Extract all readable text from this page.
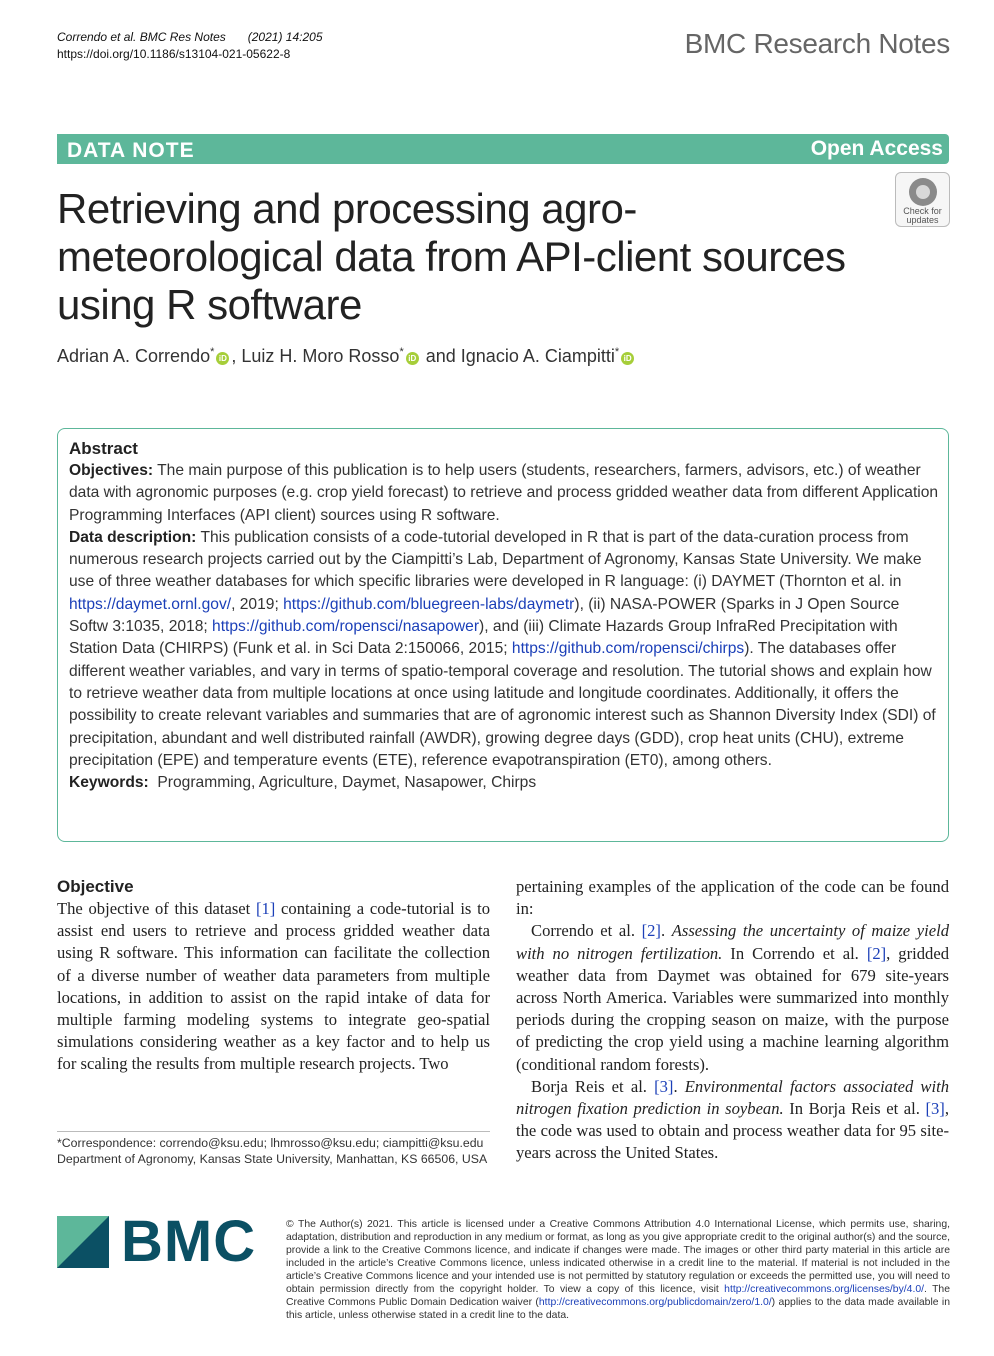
Correndo et al. BMC Res Notes (2021) 14:205
https://doi.org/10.1186/s13104-021-05622-8	BMC Research Notes
DATA NOTE	Open Access
Check for
updates
Retrieving and processing agro-meteorological data from API-client sources using R software
Adrian A. Correndo*iD , Luiz H. Moro Rosso*iD and Ignacio A. Ciampitti*iD
Abstract

Objectives: The main purpose of this publication is to help users (students, researchers, farmers, advisors, etc.) of weather data with agronomic purposes (e.g. crop yield forecast) to retrieve and process gridded weather data from different Application Programming Interfaces (API client) sources using R software.

Data description: This publication consists of a code-tutorial developed in R that is part of the data-curation process from numerous research projects carried out by the Ciampitti’s Lab, Department of Agronomy, Kansas State University. We make use of three weather databases for which specific libraries were developed in R language: (i) DAYMET (Thornton et al. in https://daymet.ornl.gov/, 2019; https://github.com/bluegreen-labs/daymetr), (ii) NASA-POWER (Sparks in J Open Source Softw 3:1035, 2018; https://github.com/ropensci/nasapower), and (iii) Climate Hazards Group InfraRed Precipitation with Station Data (CHIRPS) (Funk et al. in Sci Data 2:150066, 2015; https://github.com/ropensci/chirps). The databases offer different weather variables, and vary in terms of spatio-temporal coverage and resolution. The tutorial shows and explain how to retrieve weather data from multiple locations at once using latitude and longitude coordinates. Additionally, it offers the possibility to create relevant variables and summaries that are of agronomic interest such as Shannon Diversity Index (SDI) of precipitation, abundant and well distributed rainfall (AWDR), growing degree days (GDD), crop heat units (CHU), extreme precipitation (EPE) and temperature events (ETE), reference evapotranspiration (ET0), among others.

Keywords: Programming, Agriculture, Daymet, Nasapower, Chirps

Objective

The objective of this dataset [1] containing a code-tutorial is to assist end users to retrieve and process gridded weather data using R software. This information can facilitate the collection of a diverse number of weather data parameters from multiple locations, in addition to assist on the rapid intake of data for multiple farming modeling systems to integrate geo-spatial simulations considering weather as a key factor and to help us for scaling the results from multiple research projects. Two

pertaining examples of the application of the code can be found in:

Correndo et al. [2]. Assessing the uncertainty of maize yield with no nitrogen fertilization. In Correndo et al. [2], gridded weather data from Daymet was obtained for 679 site-years across North America. Variables were summarized into monthly periods during the cropping season on maize, with the purpose of predicting the crop yield using a machine learning algorithm (conditional random forests).

Borja Reis et al. [3]. Environmental factors associated with nitrogen fixation prediction in soybean. In Borja Reis et al. [3], the code was used to obtain and process weather data for 95 site-years across the United States.

*Correspondence: correndo@ksu.edu; lhmrosso@ksu.edu; ciampitti@ksu.edu
Department of Agronomy, Kansas State University, Manhattan, KS 66506, USA
BMC	© The Author(s) 2021. This article is licensed under a Creative Commons Attribution 4.0 International License, which permits use, sharing, adaptation, distribution and reproduction in any medium or format, as long as you give appropriate credit to the original author(s) and the source, provide a link to the Creative Commons licence, and indicate if changes were made. The images or other third party material in this article are included in the article’s Creative Commons licence, unless indicated otherwise in a credit line to the material. If material is not included in the article’s Creative Commons licence and your intended use is not permitted by statutory regulation or exceeds the permitted use, you will need to obtain permission directly from the copyright holder. To view a copy of this licence, visit http://creativecommons.org/licenses/by/4.0/. The Creative Commons Public Domain Dedication waiver (http://creativecommons.org/publicdomain/zero/1.0/) applies to the data made available in this article, unless otherwise stated in a credit line to the data.
